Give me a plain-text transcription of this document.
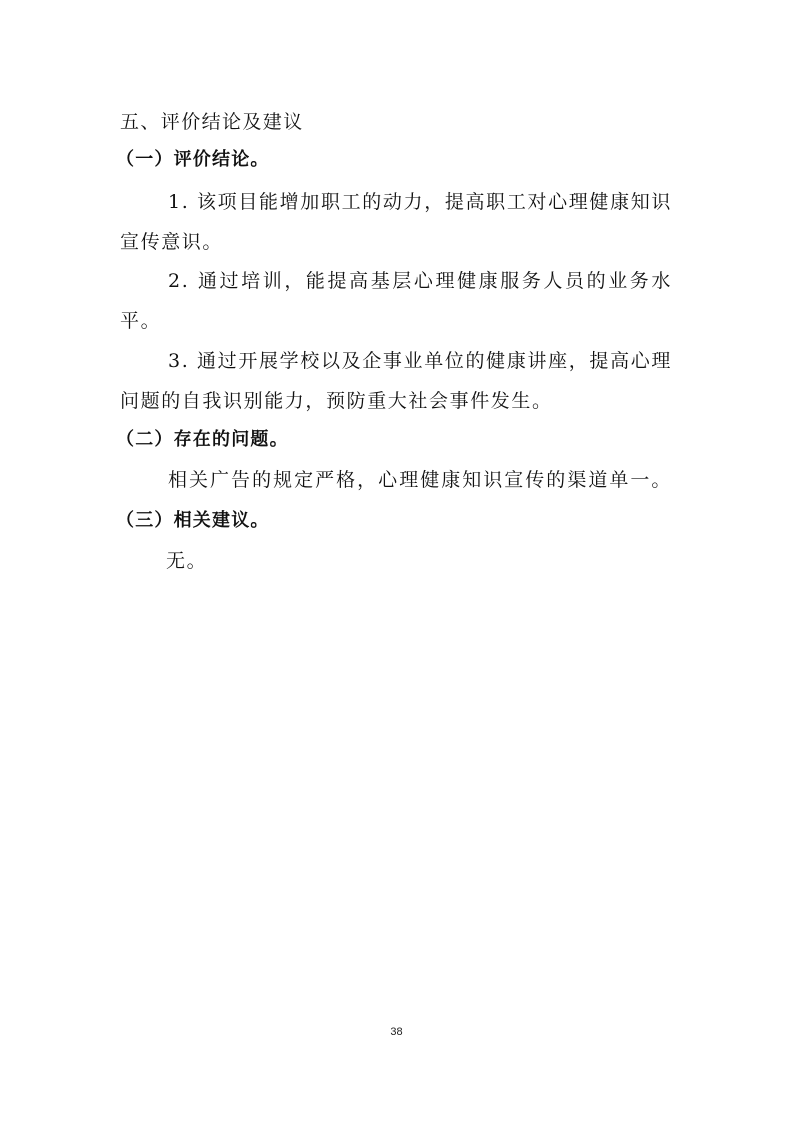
五、评价结论及建议
（一）评价结论。
1. 该项目能增加职工的动力，提高职工对心理健康知识
宣传意识。
2. 通过培训，能提高基层心理健康服务人员的业务水
平。
3. 通过开展学校以及企事业单位的健康讲座，提高心理
问题的自我识别能力，预防重大社会事件发生。
（二）存在的问题。
相关广告的规定严格，心理健康知识宣传的渠道单一。
（三）相关建议。
无。
38
